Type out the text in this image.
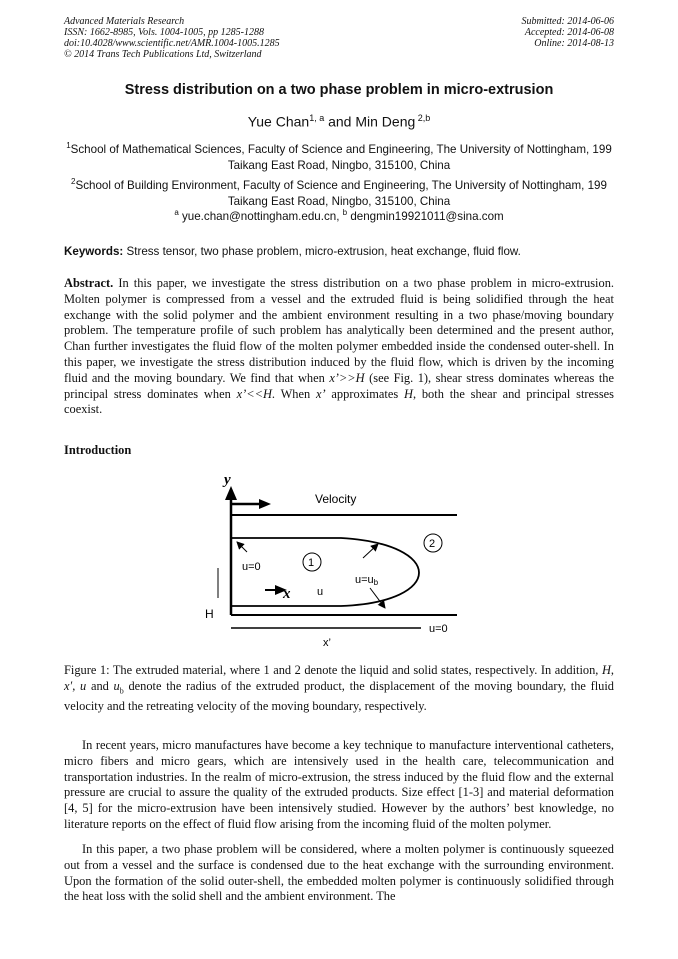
Advanced Materials Research
ISSN: 1662-8985, Vols. 1004-1005, pp 1285-1288
doi:10.4028/www.scientific.net/AMR.1004-1005.1285
© 2014 Trans Tech Publications Ltd, Switzerland
Submitted: 2014-06-06
Accepted: 2014-06-08
Online: 2014-08-13
Stress distribution on a two phase problem in micro-extrusion
Yue Chan$^{1, a}$ and Min Deng $^{2,b}$
$^1$School of Mathematical Sciences, Faculty of Science and Engineering, The University of Nottingham, 199 Taikang East Road, Ningbo, 315100, China
$^2$School of Building Environment, Faculty of Science and Engineering, The University of Nottingham, 199 Taikang East Road, Ningbo, 315100, China
$^a$ yue.chan@nottingham.edu.cn, $^b$ dengmin19921011@sina.com
Keywords: Stress tensor, two phase problem, micro-extrusion, heat exchange, fluid flow.
Abstract. In this paper, we investigate the stress distribution on a two phase problem in micro-extrusion. Molten polymer is compressed from a vessel and the extruded fluid is being solidified through the heat exchange with the solid polymer and the ambient environment resulting in a two phase/moving boundary problem. The temperature profile of such problem has analytically been determined and the present author, Chan further investigates the fluid flow of the molten polymer embedded inside the condensed outer-shell. In this paper, we investigate the stress distribution induced by the fluid flow, which is driven by the incoming fluid and the moving boundary. We find that when x’>>H (see Fig. 1), shear stress dominates whereas the principal stress dominates when x’<<H. When x’ approximates H, both the shear and principal stresses coexist.
Introduction
y
Velocity
1
2
u=0
x u
u=ub
H
u=0
x’
Figure 1: The extruded material, where 1 and 2 denote the liquid and solid states, respectively. In addition, H, x′, u and $u_b$ denote the radius of the extruded product, the displacement of the moving boundary, the fluid velocity and the retreating velocity of the moving boundary, respectively.
In recent years, micro manufactures have become a key technique to manufacture interventional catheters, micro fibers and micro gears, which are intensively used in the health care, telecommunication and transportation industries. In the realm of micro-extrusion, the stress induced by the fluid flow and the external pressure are crucial to assure the quality of the extruded products. Size effect [1-3] and material deformation [4, 5] for the micro-extrusion have been intensively studied. However by the authors’ best knowledge, no literature reports on the effect of fluid flow arising from the incoming fluid of the molten polymer.
In this paper, a two phase problem will be considered, where a molten polymer is continuously squeezed out from a vessel and the surface is condensed due to the heat exchange with the surrounding environment. Upon the formation of the solid outer-shell, the embedded molten polymer is continuously solidified through the heat loss with the solid shell and the ambient environment. The
